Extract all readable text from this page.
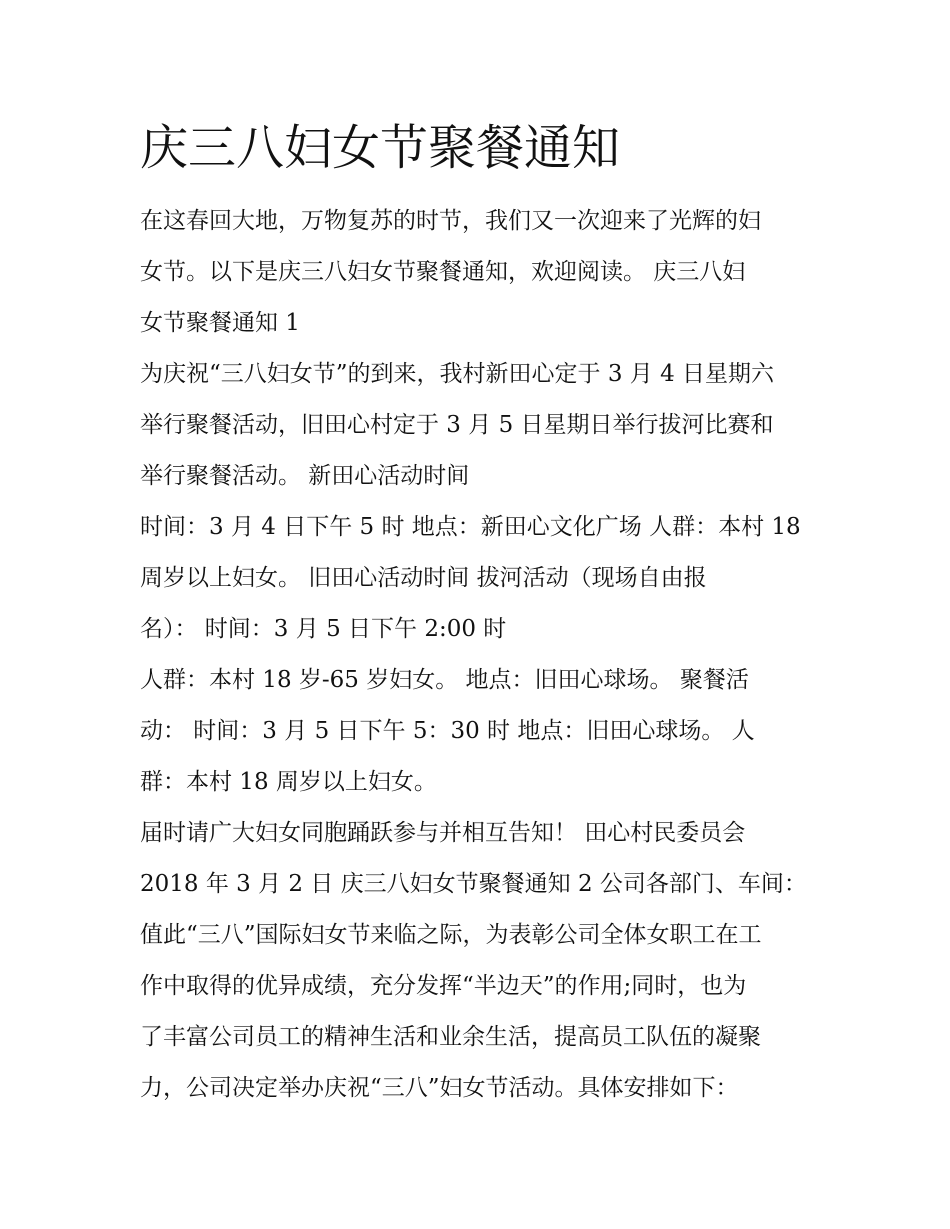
庆三八妇女节聚餐通知
在这春回大地，万物复苏的时节，我们又一次迎来了光辉的妇
女节。以下是庆三八妇女节聚餐通知，欢迎阅读。 庆三八妇
女节聚餐通知 1
为庆祝“三八妇女节”的到来，我村新田心定于 3 月 4 日星期六
举行聚餐活动，旧田心村定于 3 月 5 日星期日举行拔河比赛和
举行聚餐活动。 新田心活动时间
时间：3 月 4 日下午 5 时 地点：新田心文化广场 人群：本村 18
周岁以上妇女。 旧田心活动时间 拔河活动（现场自由报
名）： 时间：3 月 5 日下午 2:00 时
人群：本村 18 岁-65 岁妇女。 地点：旧田心球场。 聚餐活
动： 时间：3 月 5 日下午 5：30 时 地点：旧田心球场。 人
群：本村 18 周岁以上妇女。
届时请广大妇女同胞踊跃参与并相互告知！ 田心村民委员会
2018 年 3 月 2 日 庆三八妇女节聚餐通知 2 公司各部门、车间：
值此“三八”国际妇女节来临之际，为表彰公司全体女职工在工
作中取得的优异成绩，充分发挥“半边天”的作用;同时，也为
了丰富公司员工的精神生活和业余生活，提高员工队伍的凝聚
力，公司决定举办庆祝“三八”妇女节活动。具体安排如下：
